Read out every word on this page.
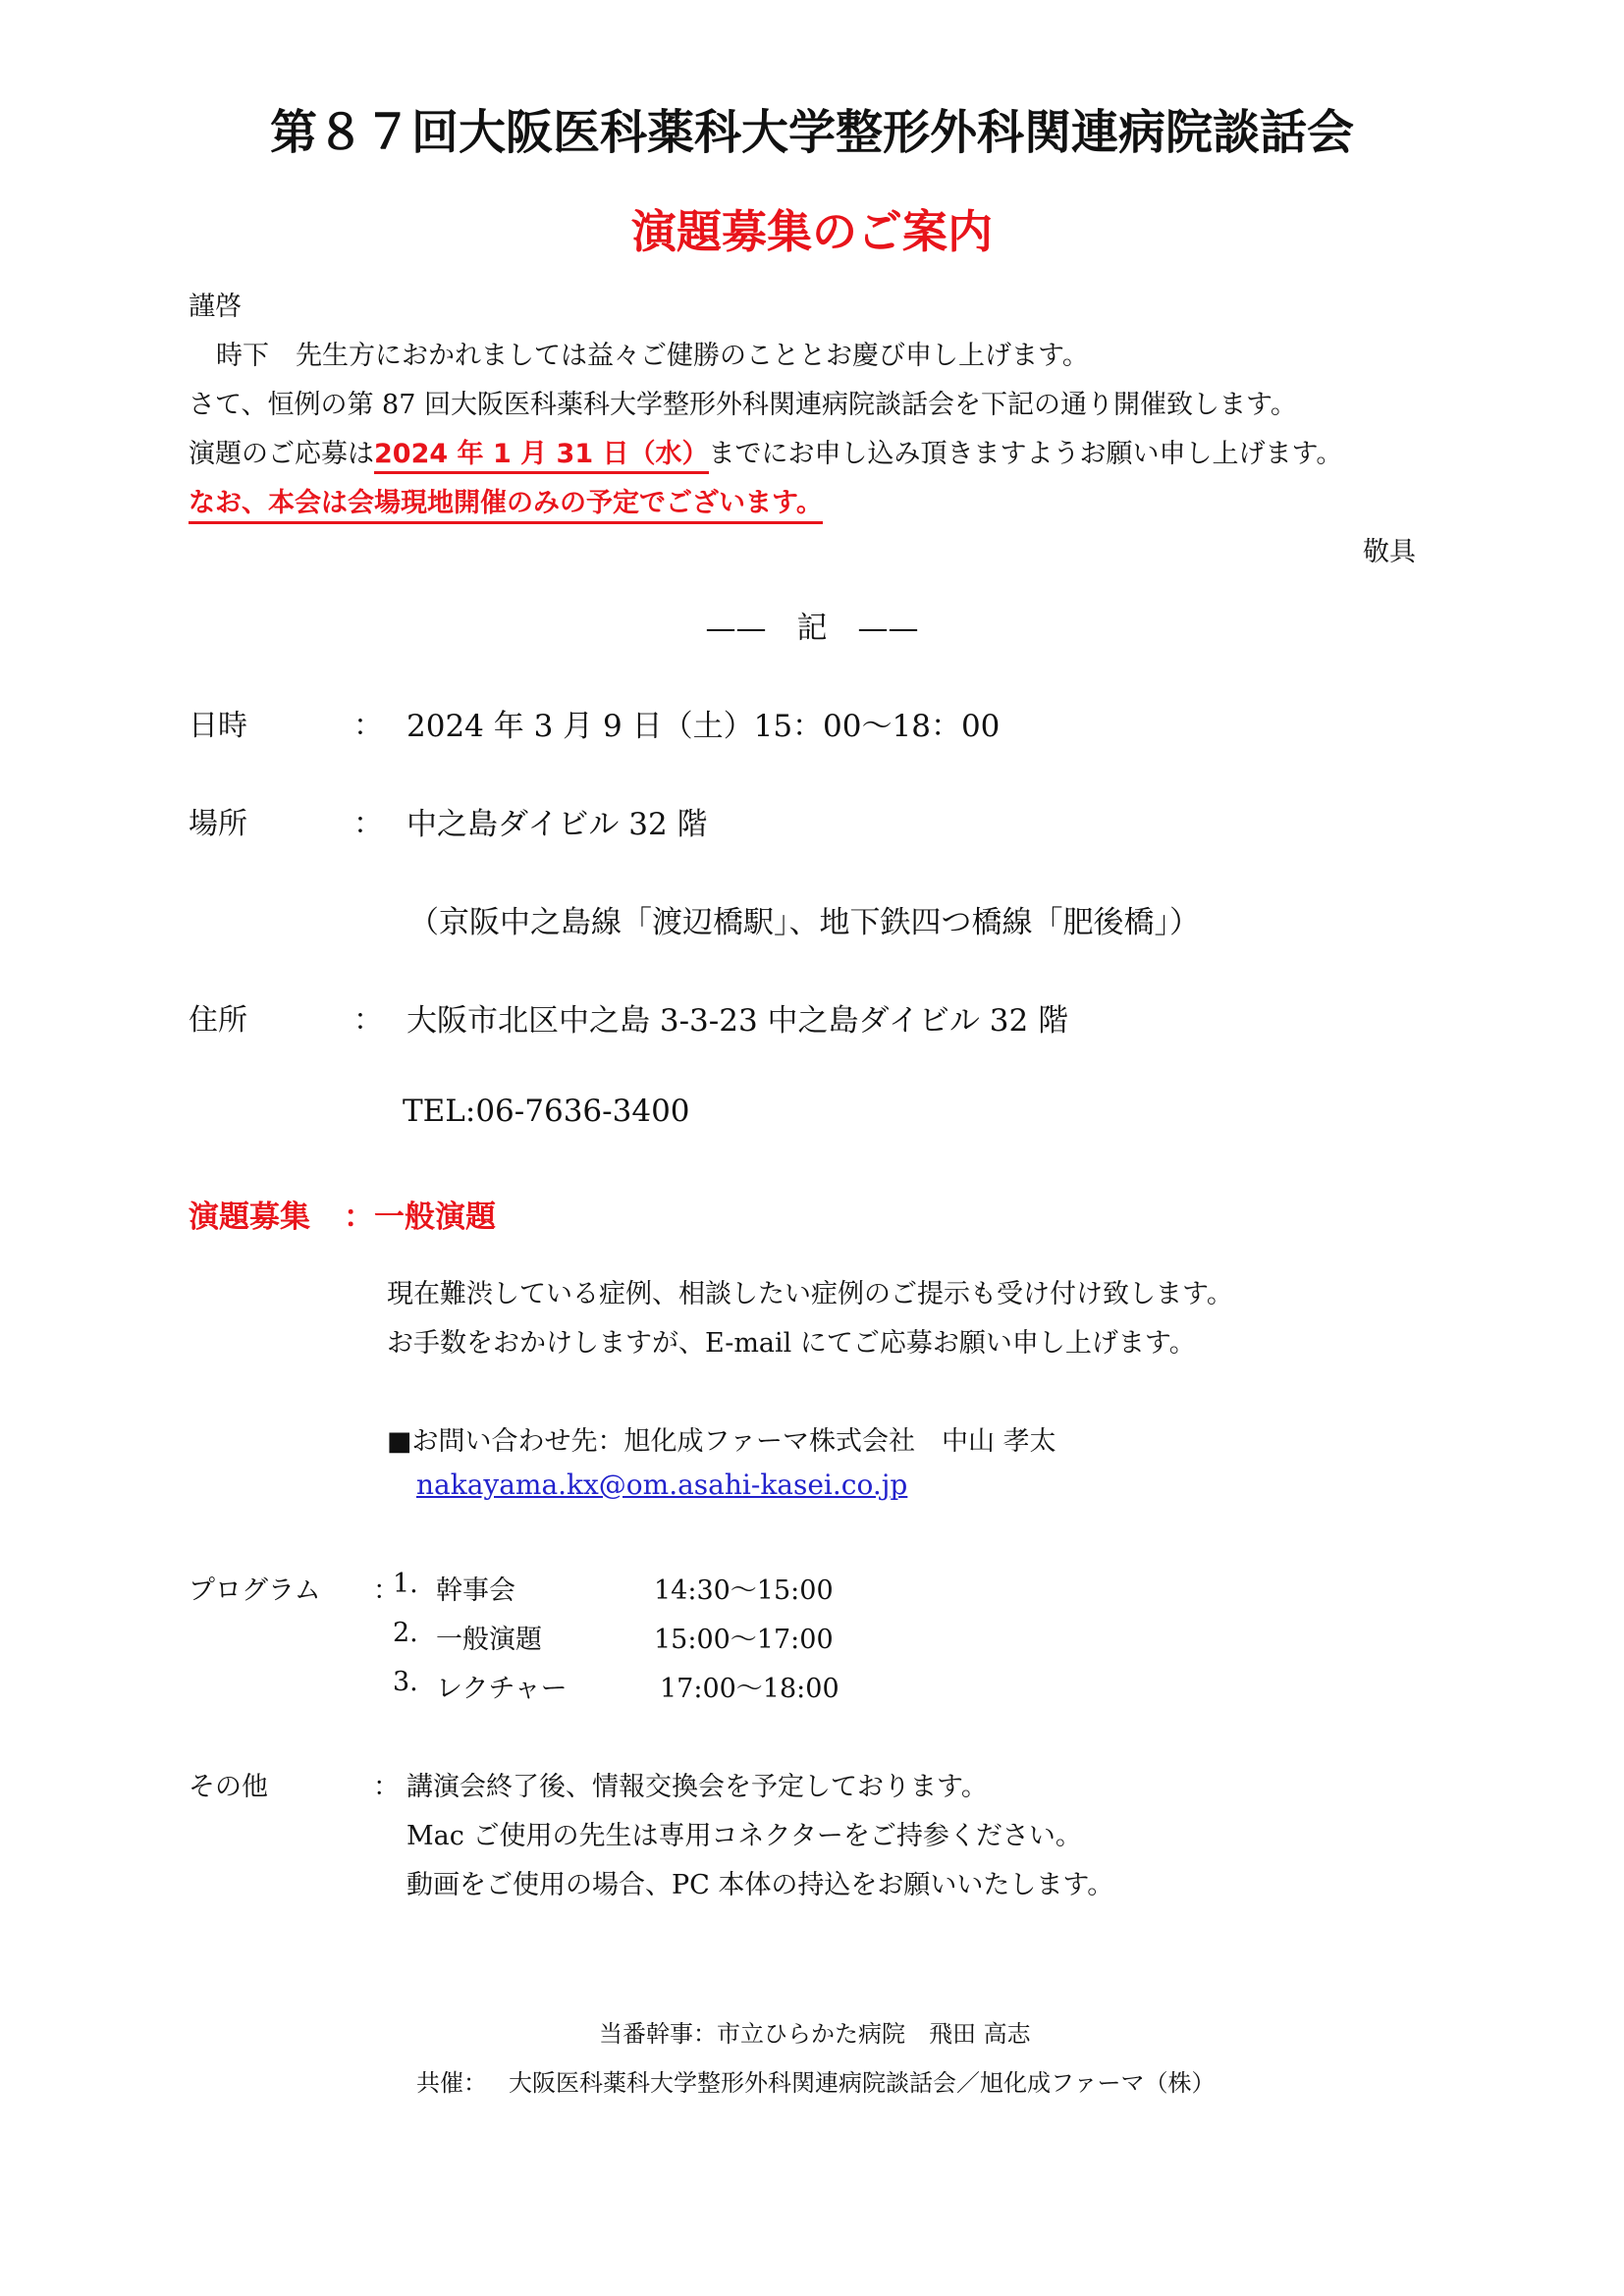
第８７回大阪医科薬科大学整形外科関連病院談話会
演題募集のご案内
謹啓
時下　先生方におかれましては益々ご健勝のこととお慶び申し上げます。
さて、恒例の第 87 回大阪医科薬科大学整形外科関連病院談話会を下記の通り開催致します。
演題のご応募は2024 年 1 月 31 日（水）までにお申し込み頂きますようお願い申し上げます。
なお、本会は会場現地開催のみの予定でございます。
敬具
——　記　——
日時	： 2024 年 3 月 9 日（土）15：00〜18：00
場所	： 中之島ダイビル 32 階
（京阪中之島線「渡辺橋駅」、地下鉄四つ橋線「肥後橋」）
住所	： 大阪市北区中之島 3-3-23 中之島ダイビル 32 階
TEL:06-7636-3400
演題募集 ：一般演題
現在難渋している症例、相談したい症例のご提示も受け付け致します。
お手数をおかけしますが、E-mail にてご応募お願い申し上げます。
■お問い合わせ先：旭化成ファーマ株式会社　中山 孝太
nakayama.kx@om.asahi-kasei.co.jp
プログラム ：
1. 幹事会	14:30〜15:00
2. 一般演題	15:00〜17:00
3. レクチャー	17:00〜18:00
その他	： 講演会終了後、情報交換会を予定しております。
Mac ご使用の先生は専用コネクターをご持参ください。
動画をご使用の場合、PC 本体の持込をお願いいたします。
当番幹事：市立ひらかた病院　飛田 高志
共催： 大阪医科薬科大学整形外科関連病院談話会／旭化成ファーマ（株）
